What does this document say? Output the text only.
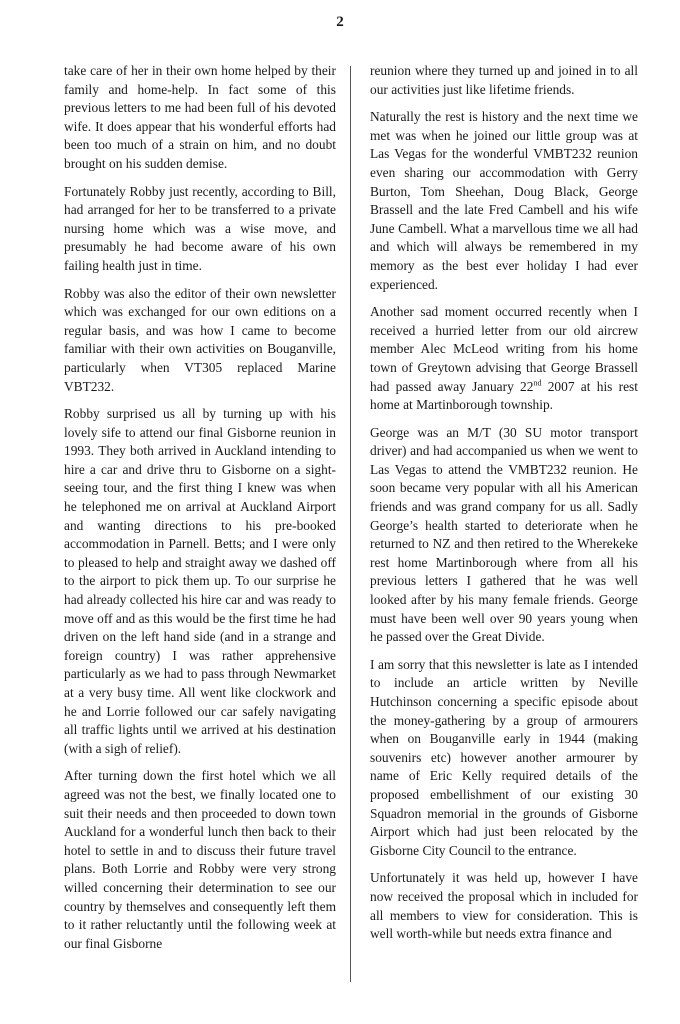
2

take care of her in their own home helped by their family and home-help. In fact some of this previous letters to me had been full of his devoted wife. It does appear that his wonderful efforts had been too much of a strain on him, and no doubt brought on his sudden demise.

Fortunately Robby just recently, according to Bill, had arranged for her to be transferred to a private nursing home which was a wise move, and presumably he had become aware of his own failing health just in time.

Robby was also the editor of their own newsletter which was exchanged for our own editions on a regular basis, and was how I came to become familiar with their own activities on Bouganville, particularly when VT305 replaced Marine VBT232.

Robby surprised us all by turning up with his lovely sife to attend our final Gisborne reunion in 1993. They both arrived in Auckland intending to hire a car and drive thru to Gisborne on a sight-seeing tour, and the first thing I knew was when he telephoned me on arrival at Auckland Airport and wanting directions to his pre-booked accommodation in Parnell. Betts; and I were only to pleased to help and straight away we dashed off to the airport to pick them up. To our surprise he had already collected his hire car and was ready to move off and as this would be the first time he had driven on the left hand side (and in a strange and foreign country) I was rather apprehensive particularly as we had to pass through Newmarket at a very busy time. All went like clockwork and he and Lorrie followed our car safely navigating all traffic lights until we arrived at his destination (with a sigh of relief).

After turning down the first hotel which we all agreed was not the best, we finally located one to suit their needs and then proceeded to down town Auckland for a wonderful lunch then back to their hotel to settle in and to discuss their future travel plans. Both Lorrie and Robby were very strong willed concerning their determination to see our country by themselves and consequently left them to it rather reluctantly until the following week at our final Gisborne

reunion where they turned up and joined in to all our activities just like lifetime friends.

Naturally the rest is history and the next time we met was when he joined our little group was at Las Vegas for the wonderful VMBT232 reunion even sharing our accommodation with Gerry Burton, Tom Sheehan, Doug Black, George Brassell and the late Fred Cambell and his wife June Cambell. What a marvellous time we all had and which will always be remembered in my memory as the best ever holiday I had ever experienced.

Another sad moment occurred recently when I received a hurried letter from our old aircrew member Alec McLeod writing from his home town of Greytown advising that George Brassell had passed away January 22nd 2007 at his rest home at Martinborough township.

George was an M/T (30 SU motor transport driver) and had accompanied us when we went to Las Vegas to attend the VMBT232 reunion. He soon became very popular with all his American friends and was grand company for us all. Sadly George’s health started to deteriorate when he returned to NZ and then retired to the Wherekeke rest home Martinborough where from all his previous letters I gathered that he was well looked after by his many female friends. George must have been well over 90 years young when he passed over the Great Divide.

I am sorry that this newsletter is late as I intended to include an article written by Neville Hutchinson concerning a specific episode about the money-gathering by a group of armourers when on Bouganville early in 1944 (making souvenirs etc) however another armourer by name of Eric Kelly required details of the proposed embellishment of our existing 30 Squadron memorial in the grounds of Gisborne Airport which had just been relocated by the Gisborne City Council to the entrance.

Unfortunately it was held up, however I have now received the proposal which in included for all members to view for consideration. This is well worth-while but needs extra finance and
